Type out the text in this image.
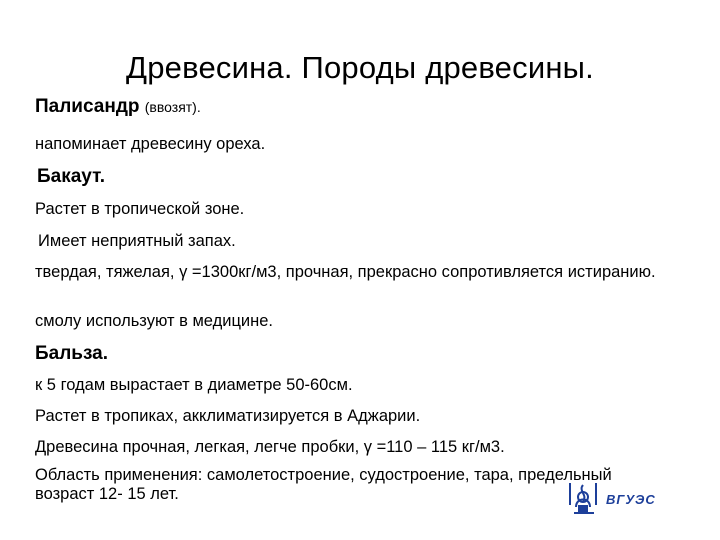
Древесина. Породы древесины.
Палисандр (ввозят).
напоминает древесину ореха.
Бакаут.
Растет в тропической зоне.
Имеет неприятный запах.
твердая, тяжелая, γ =1300кг/м3, прочная, прекрасно сопротивляется истиранию.
смолу используют в медицине.
Бальза.
к 5 годам вырастает в диаметре 50-60см.
Растет в тропиках, акклиматизируется в Аджарии.
Древесина прочная, легкая, легче пробки, γ =110 – 115 кг/м3.
Область применения: самолетостроение, судостроение, тара, предельный возраст 12- 15 лет.	ВГУЭС
